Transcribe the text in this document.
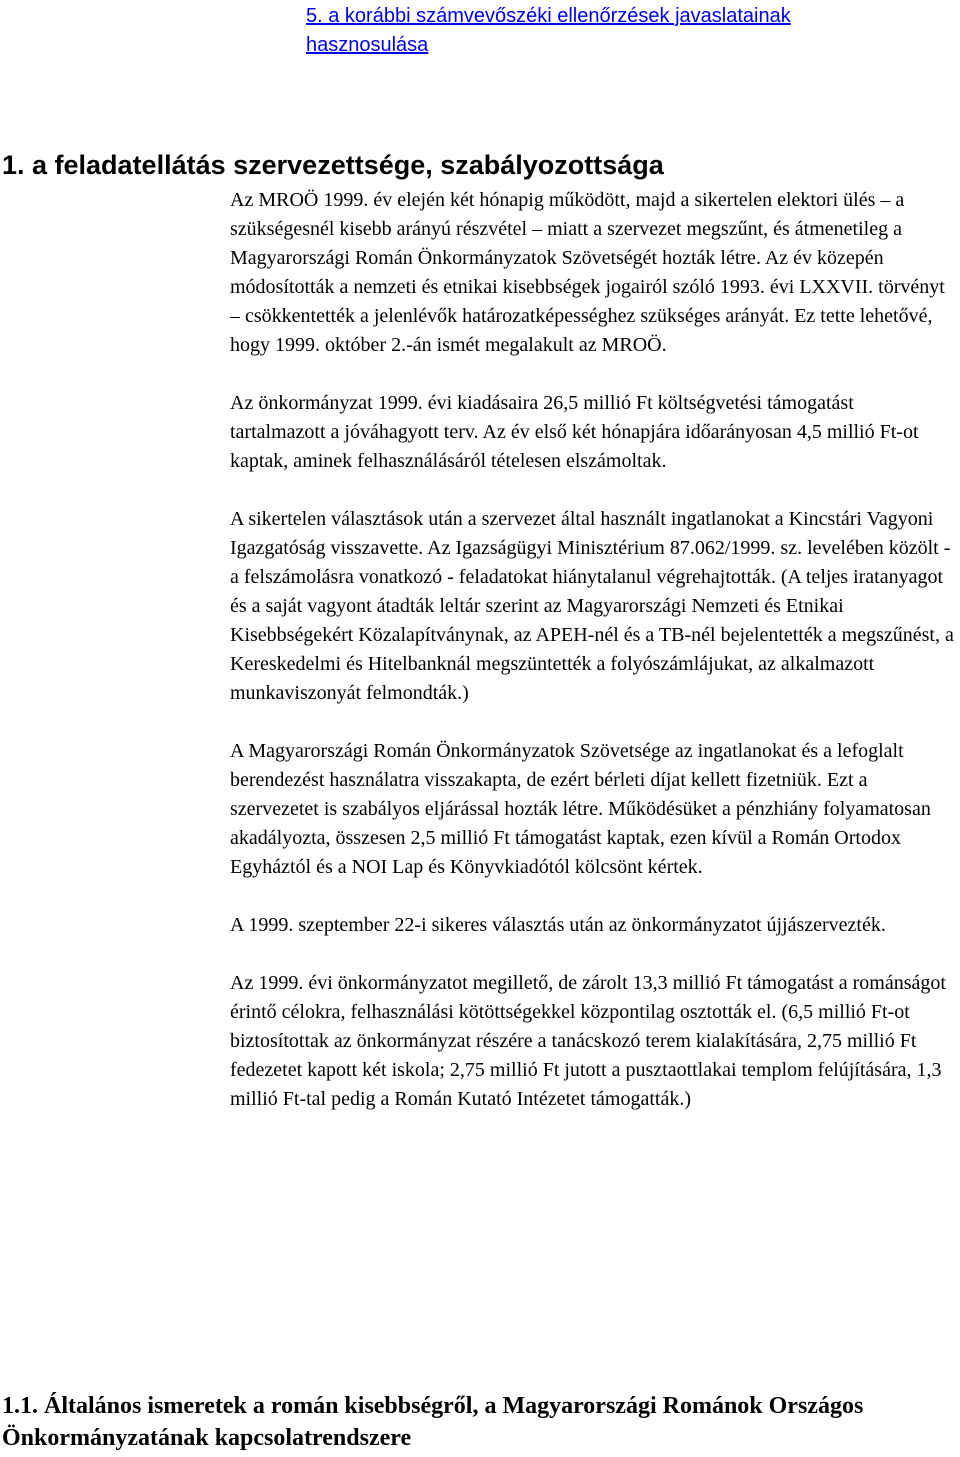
5. a korábbi számvevőszéki ellenőrzések javaslatainak hasznosulása
1. a feladatellátás szervezettsége, szabályozottsága

Az MROÖ 1999. év elején két hónapig működött, majd a sikertelen elektori ülés – a szükségesnél kisebb arányú részvétel – miatt a szervezet megszűnt, és átmenetileg a Magyarországi Román Önkormányzatok Szövetségét hozták létre. Az év közepén módosították a nemzeti és etnikai kisebbségek jogairól szóló 1993. évi LXXVII. törvényt – csökkentették a jelenlévők határozatképességhez szükséges arányát. Ez tette lehetővé, hogy 1999. október 2.-án ismét megalakult az MROÖ.

Az önkormányzat 1999. évi kiadásaira 26,5 millió Ft költségvetési támogatást tartalmazott a jóváhagyott terv. Az év első két hónapjára időarányosan 4,5 millió Ft-ot kaptak, aminek felhasználásáról tételesen elszámoltak.

A sikertelen választások után a szervezet által használt ingatlanokat a Kincstári Vagyoni Igazgatóság visszavette. Az Igazságügyi Minisztérium 87.062/1999. sz. levelében közölt - a felszámolásra vonatkozó - feladatokat hiánytalanul végrehajtották. (A teljes iratanyagot és a saját vagyont átadták leltár szerint az Magyarországi Nemzeti és Etnikai Kisebbségekért Közalapítványnak, az APEH-nél és a TB-nél bejelentették a megszűnést, a Kereskedelmi és Hitelbanknál megszüntették a folyószámlájukat, az alkalmazott munkaviszonyát felmondták.)

A Magyarországi Román Önkormányzatok Szövetsége az ingatlanokat és a lefoglalt berendezést használatra visszakapta, de ezért bérleti díjat kellett fizetniük. Ezt a szervezetet is szabályos eljárással hozták létre. Működésüket a pénzhiány folyamatosan akadályozta, összesen 2,5 millió Ft támogatást kaptak, ezen kívül a Román Ortodox Egyháztól és a NOI Lap és Könyvkiadótól kölcsönt kértek.

A 1999. szeptember 22-i sikeres választás után az önkormányzatot újjászervezték.

Az 1999. évi önkormányzatot megillető, de zárolt 13,3 millió Ft támogatást a románságot érintő célokra, felhasználási kötöttségekkel központilag osztották el. (6,5 millió Ft-ot biztosítottak az önkormányzat részére a tanácskozó terem kialakítására, 2,75 millió Ft fedezetet kapott két iskola; 2,75 millió Ft jutott a pusztaottlakai templom felújítására, 1,3 millió Ft-tal pedig a Román Kutató Intézetet támogatták.)

1.1. Általános ismeretek a román kisebbségről, a Magyarországi Románok Országos Önkormányzatának kapcsolatrendszere
